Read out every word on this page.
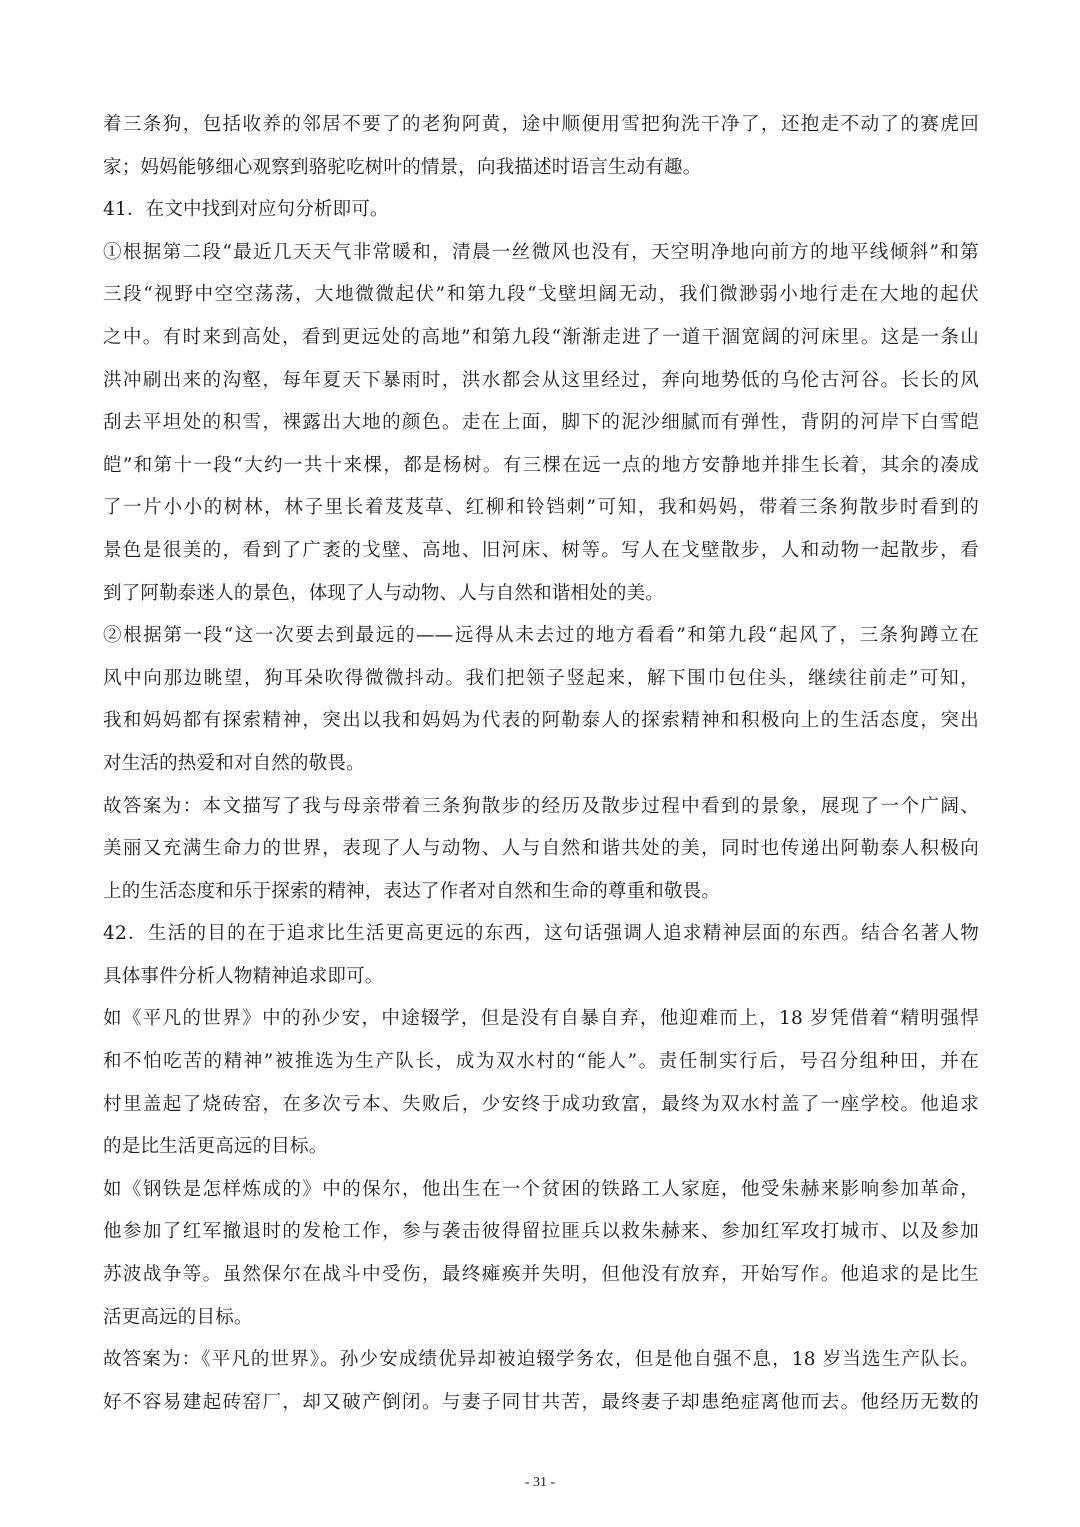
着三条狗，包括收养的邻居不要了的老狗阿黄，途中顺便用雪把狗洗干净了，还抱走不动了的赛虎回
家；妈妈能够细心观察到骆驼吃树叶的情景，向我描述时语言生动有趣。
41．在文中找到对应句分析即可。
①根据第二段“最近几天天气非常暖和，清晨一丝微风也没有，天空明净地向前方的地平线倾斜”和第
三段“视野中空空荡荡，大地微微起伏”和第九段“戈壁坦阔无动，我们微渺弱小地行走在大地的起伏
之中。有时来到高处，看到更远处的高地”和第九段“渐渐走进了一道干涸宽阔的河床里。这是一条山
洪冲刷出来的沟壑，每年夏天下暴雨时，洪水都会从这里经过，奔向地势低的乌伦古河谷。长长的风
刮去平坦处的积雪，裸露出大地的颜色。走在上面，脚下的泥沙细腻而有弹性，背阴的河岸下白雪皑
皑”和第十一段“大约一共十来棵，都是杨树。有三棵在远一点的地方安静地并排生长着，其余的凑成
了一片小小的树林，林子里长着芨芨草、红柳和铃铛刺”可知，我和妈妈，带着三条狗散步时看到的
景色是很美的，看到了广袤的戈壁、高地、旧河床、树等。写人在戈壁散步，人和动物一起散步，看
到了阿勒泰迷人的景色，体现了人与动物、人与自然和谐相处的美。
②根据第一段“这一次要去到最远的——远得从未去过的地方看看”和第九段“起风了，三条狗蹲立在
风中向那边眺望，狗耳朵吹得微微抖动。我们把领子竖起来，解下围巾包住头，继续往前走”可知，
我和妈妈都有探索精神，突出以我和妈妈为代表的阿勒泰人的探索精神和积极向上的生活态度，突出
对生活的热爱和对自然的敬畏。
故答案为：本文描写了我与母亲带着三条狗散步的经历及散步过程中看到的景象，展现了一个广阔、
美丽又充满生命力的世界，表现了人与动物、人与自然和谐共处的美，同时也传递出阿勒泰人积极向
上的生活态度和乐于探索的精神，表达了作者对自然和生命的尊重和敬畏。
42．生活的目的在于追求比生活更高更远的东西，这句话强调人追求精神层面的东西。结合名著人物
具体事件分析人物精神追求即可。
如《平凡的世界》中的孙少安，中途辍学，但是没有自暴自弃，他迎难而上，18 岁凭借着“精明强悍
和不怕吃苦的精神”被推选为生产队长，成为双水村的“能人”。责任制实行后，号召分组种田，并在
村里盖起了烧砖窑，在多次亏本、失败后，少安终于成功致富，最终为双水村盖了一座学校。他追求
的是比生活更高远的目标。
如《钢铁是怎样炼成的》中的保尔，他出生在一个贫困的铁路工人家庭，他受朱赫来影响参加革命，
他参加了红军撤退时的发枪工作，参与袭击彼得留拉匪兵以救朱赫来、参加红军攻打城市、以及参加
苏波战争等。虽然保尔在战斗中受伤，最终瘫痪并失明，但他没有放弃，开始写作。他追求的是比生
活更高远的目标。
故答案为：《平凡的世界》。孙少安成绩优异却被迫辍学务农，但是他自强不息，18 岁当选生产队长。
好不容易建起砖窑厂，却又破产倒闭。与妻子同甘共苦，最终妻子却患绝症离他而去。他经历无数的
- 31 -
